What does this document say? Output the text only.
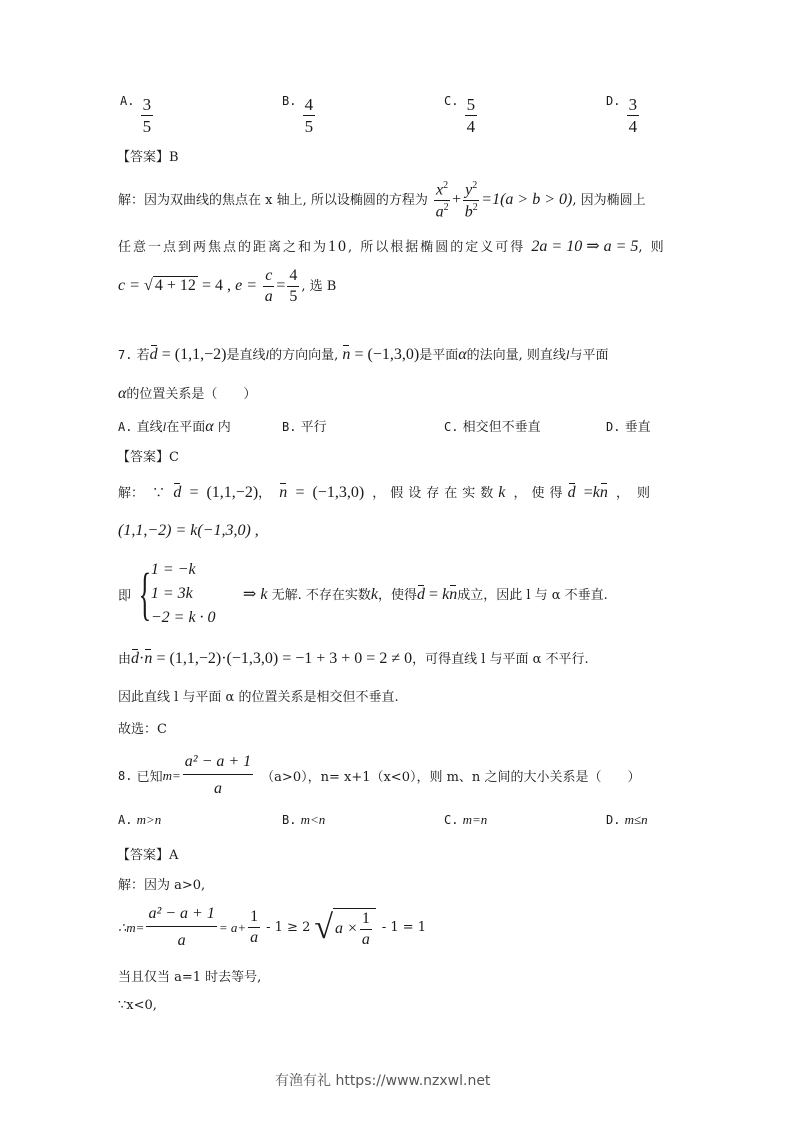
A. $\frac{3}{5}$	B. $\frac{4}{5}$	C. $\frac{5}{4}$	D. $\frac{3}{4}$
【答案】B
解：因为双曲线的焦点在 x 轴上, 所以设椭圆的方程为 $\frac{x^2}{a^2} + \frac{y^2}{b^2} =1(a > b > 0)$, 因为椭圆上
任意一点到两焦点的距离之和为10, 所以根据椭圆的定义可得 2a = 10 ⇒ a = 5, 则
c = √ 4 + 12 = 4 , $e = \frac{c}{a} = \frac{4}{5}$ , 选 B
7. 若d = (1,1,−2)是直线l的方向向量, n = (−1,3,0)是平面α的法向量, 则直线l与平面
α的位置关系是（　　）
A. 直线l在平面α 内	B. 平行	C. 相交但不垂直	D. 垂直
【答案】C
解： ∵ d = (1,1,−2)， n = (−1,3,0) ，假设存在实数k ，使得d =kn ，则
(1,1,−2) = k(−1,3,0) ,
即 { 1 = −k
1 = 3k
−2 = k · 0
⇒ k 无解. 不存在实数k，使得d = kn成立，因此 l 与 α 不垂直.
由d·n = (1,1,−2)·(−1,3,0) = −1 + 3 + 0 = 2 ≠ 0，可得直线 l 与平面 α 不平行.
因此直线 l 与平面 α 的位置关系是相交但不垂直.
故选：C
8.
已知 $m= \frac{\text{a² − a + 1}}{a} (a>0)$，n= x+1（x<0），则 m、n 之间的大小关系是（　　）
A. m>n	B. m<n	C. m=n	D. m≤n
【答案】A
解：因为 a>0,
∴m= $\frac{\text{a² − a + 1}}{a} = a+ \frac{1}{a} - 1 \ge 2$ √ $a \times \frac{1}{a} - 1 = 1$
当且仅当 a=1 时去等号,
∵x<0,
有渔有礼 https://www.nzxwl.net
